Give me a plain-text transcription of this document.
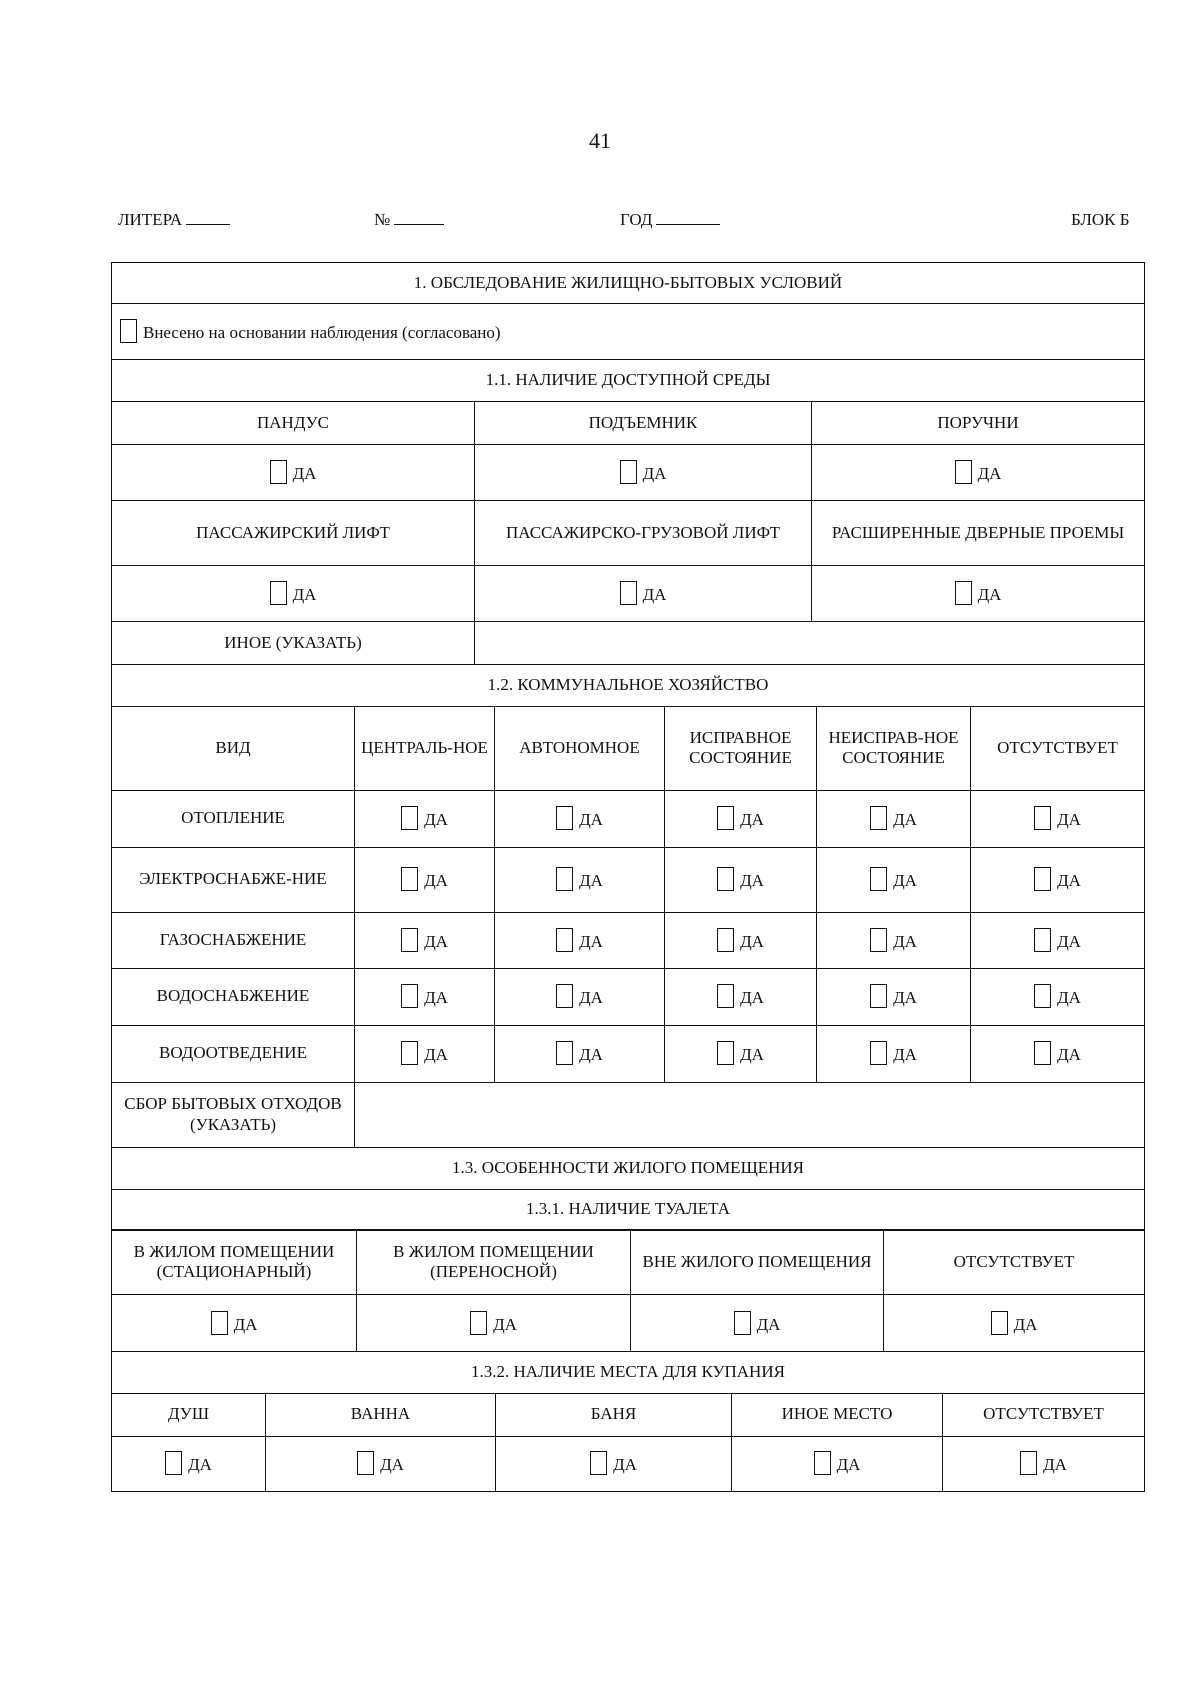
41
ЛИТЕРА	№	ГОД	БЛОК Б
1. ОБСЛЕДОВАНИЕ ЖИЛИЩНО-БЫТОВЫХ УСЛОВИЙ		
Внесено на основании наблюдения (согласовано)		
1.1. НАЛИЧИЕ ДОСТУПНОЙ СРЕДЫ		
ПАНДУС	ПОДЪЕМНИК	ПОРУЧНИ
ДА	ДА	ДА
ПАССАЖИРСКИЙ ЛИФТ	ПАССАЖИРСКО-ГРУЗОВОЙ ЛИФТ	РАСШИРЕННЫЕ ДВЕРНЫЕ ПРОЕМЫ
ДА	ДА	ДА
ИНОЕ (УКАЗАТЬ)		
1.2. КОММУНАЛЬНОЕ ХОЗЯЙСТВО		
ВИД	ЦЕНТРАЛЬ-НОЕ	АВТОНОМНОЕ	ИСПРАВНОЕ СОСТОЯНИЕ	НЕИСПРАВ-НОЕ СОСТОЯНИЕ	ОТСУТСТВУЕТ
ОТОПЛЕНИЕ	ДА	ДА	ДА	ДА	ДА
ЭЛЕКТРОСНАБЖЕ-НИЕ	ДА	ДА	ДА	ДА	ДА
ГАЗОСНАБЖЕНИЕ	ДА	ДА	ДА	ДА	ДА
ВОДОСНАБЖЕНИЕ	ДА	ДА	ДА	ДА	ДА
ВОДООТВЕДЕНИЕ	ДА	ДА	ДА	ДА	ДА
СБОР БЫТОВЫХ ОТХОДОВ (УКАЗАТЬ)					
1.3. ОСОБЕННОСТИ ЖИЛОГО ПОМЕЩЕНИЯ					
1.3.1. НАЛИЧИЕ ТУАЛЕТА					
В ЖИЛОМ ПОМЕЩЕНИИ (СТАЦИОНАРНЫЙ)	В ЖИЛОМ ПОМЕЩЕНИИ (ПЕРЕНОСНОЙ)	ВНЕ ЖИЛОГО ПОМЕЩЕНИЯ	ОТСУТСТВУЕТ
ДА	ДА	ДА	ДА
1.3.2. НАЛИЧИЕ МЕСТА ДЛЯ КУПАНИЯ			
ДУШ	ВАННА	БАНЯ	ИНОЕ МЕСТО	ОТСУТСТВУЕТ
ДА	ДА	ДА	ДА	ДА
